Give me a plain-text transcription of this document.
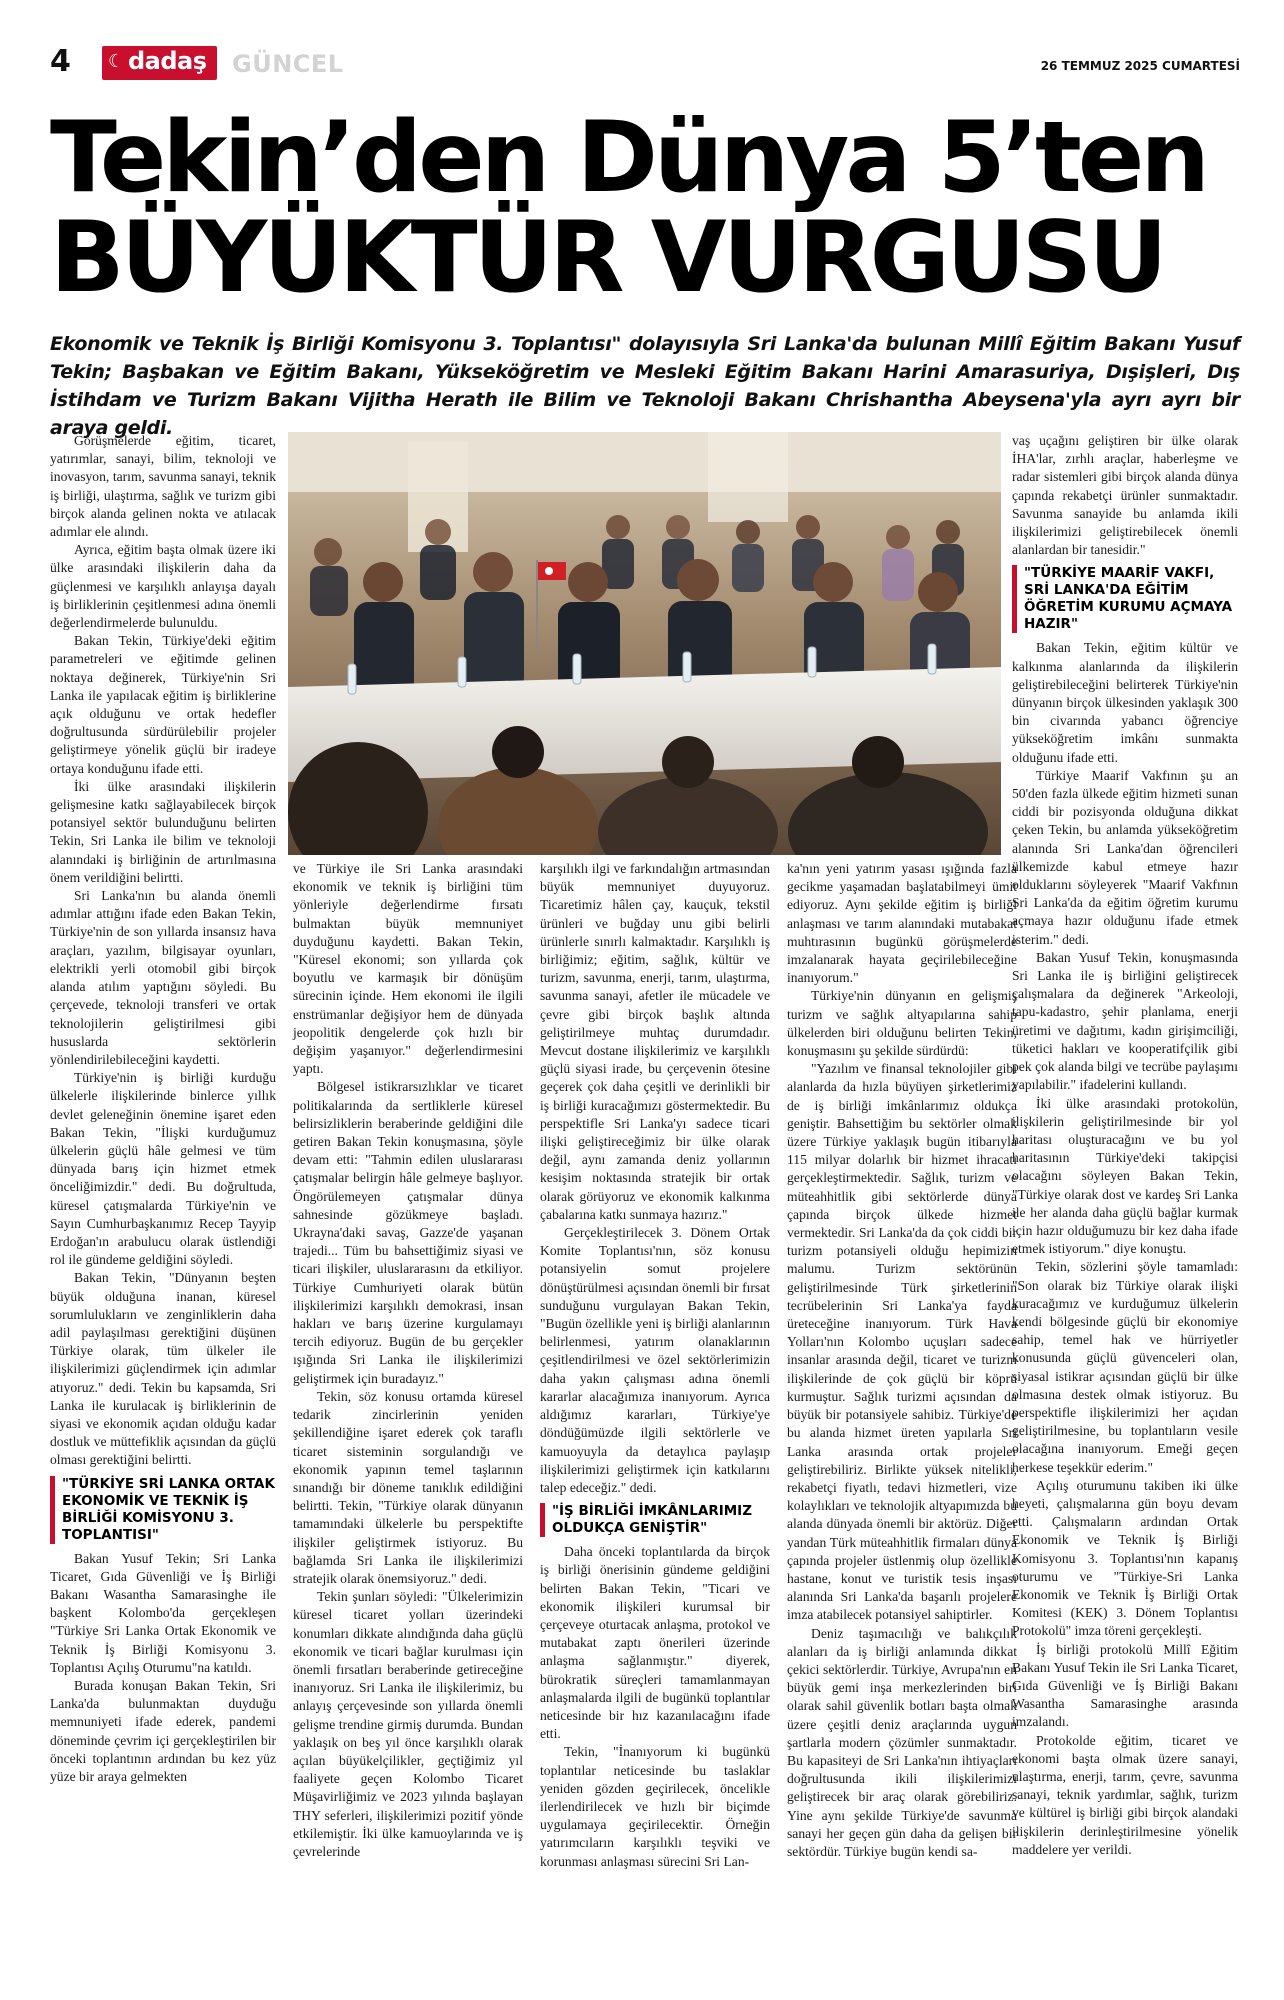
4 ☾ dadaş GÜNCEL	26 TEMMUZ 2025 CUMARTESİ
Tekin’den Dünya 5’ten
BÜYÜKTÜR VURGUSU
Ekonomik ve Teknik İş Birliği Komisyonu 3. Toplantısı" dolayısıyla Sri Lanka'da bulunan Millî Eğitim Bakanı Yusuf Tekin; Başbakan ve Eğitim Bakanı, Yükseköğretim ve Mesleki Eğitim Bakanı Harini Amarasuriya, Dışişleri, Dış İstihdam ve Turizm Bakanı Vijitha Herath ile Bilim ve Teknoloji Bakanı Chrishantha Abeysena'yla ayrı ayrı bir araya geldi.

Görüşmelerde eğitim, ticaret, yatırımlar, sanayi, bilim, teknoloji ve inovasyon, tarım, savunma sanayi, teknik iş birliği, ulaştırma, sağlık ve turizm gibi birçok alanda gelinen nokta ve atılacak adımlar ele alındı.

Ayrıca, eğitim başta olmak üzere iki ülke arasındaki ilişkilerin daha da güçlenmesi ve karşılıklı anlayışa dayalı iş birliklerinin çeşitlenmesi adına önemli değerlendirmelerde bulunuldu.

Bakan Tekin, Türkiye'deki eğitim parametreleri ve eğitimde gelinen noktaya değinerek, Türkiye'nin Sri Lanka ile yapılacak eğitim iş birliklerine açık olduğunu ve ortak hedefler doğrultusunda sürdürülebilir projeler geliştirmeye yönelik güçlü bir iradeye ortaya konduğunu ifade etti.

İki ülke arasındaki ilişkilerin gelişmesine katkı sağlayabilecek birçok potansiyel sektör bulunduğunu belirten Tekin, Sri Lanka ile bilim ve teknoloji alanındaki iş birliğinin de artırılmasına önem verildiğini belirtti.

Sri Lanka'nın bu alanda önemli adımlar attığını ifade eden Bakan Tekin, Türkiye'nin de son yıllarda insansız hava araçları, yazılım, bilgisayar oyunları, elektrikli yerli otomobil gibi birçok alanda atılım yaptığını söyledi. Bu çerçevede, teknoloji transferi ve ortak teknolojilerin geliştirilmesi gibi hususlarda sektörlerin yönlendirilebileceğini kaydetti.

Türkiye'nin iş birliği kurduğu ülkelerle ilişkilerinde binlerce yıllık devlet geleneğinin önemine işaret eden Bakan Tekin, "İlişki kurduğumuz ülkelerin güçlü hâle gelmesi ve tüm dünyada barış için hizmet etmek önceliğimizdir." dedi. Bu doğrultuda, küresel çatışmalarda Türkiye'nin ve Sayın Cumhurbaşkanımız Recep Tayyip Erdoğan'ın arabulucu olarak üstlendiği rol ile gündeme geldiğini söyledi.

Bakan Tekin, "Dünyanın beşten büyük olduğuna inanan, küresel sorumlulukların ve zenginliklerin daha adil paylaşılması gerektiğini düşünen Türkiye olarak, tüm ülkeler ile ilişkilerimizi güçlendirmek için adımlar atıyoruz." dedi. Tekin bu kapsamda, Sri Lanka ile kurulacak iş birliklerinin de siyasi ve ekonomik açıdan olduğu kadar dostluk ve müttefiklik açısından da güçlü olması gerektiğini belirtti.

"TÜRKİYE SRİ LANKA ORTAK EKONOMİK VE TEKNİK İŞ BİRLİĞİ KOMİSYONU 3. TOPLANTISI"

Bakan Yusuf Tekin; Sri Lanka Ticaret, Gıda Güvenliği ve İş Birliği Bakanı Wasantha Samarasinghe ile başkent Kolombo'da gerçekleşen "Türkiye Sri Lanka Ortak Ekonomik ve Teknik İş Birliği Komisyonu 3. Toplantısı Açılış Oturumu"na katıldı.

Burada konuşan Bakan Tekin, Sri Lanka'da bulunmaktan duyduğu memnuniyeti ifade ederek, pandemi döneminde çevrim içi gerçekleştirilen bir önceki toplantının ardından bu kez yüz yüze bir araya gelmekten

ve Türkiye ile Sri Lanka arasındaki ekonomik ve teknik iş birliğini tüm yönleriyle değerlendirme fırsatı bulmaktan büyük memnuniyet duyduğunu kaydetti. Bakan Tekin, "Küresel ekonomi; son yıllarda çok boyutlu ve karmaşık bir dönüşüm sürecinin içinde. Hem ekonomi ile ilgili enstrümanlar değişiyor hem de dünyada jeopolitik dengelerde çok hızlı bir değişim yaşanıyor." değerlendirmesini yaptı.

Bölgesel istikrarsızlıklar ve ticaret politikalarında da sertliklerle küresel belirsizliklerin beraberinde geldiğini dile getiren Bakan Tekin konuşmasına, şöyle devam etti: "Tahmin edilen uluslararası çatışmalar belirgin hâle gelmeye başlıyor. Öngörülemeyen çatışmalar dünya sahnesinde gözükmeye başladı. Ukrayna'daki savaş, Gazze'de yaşanan trajedi... Tüm bu bahsettiğimiz siyasi ve ticari ilişkiler, uluslararasını da etkiliyor. Türkiye Cumhuriyeti olarak bütün ilişkilerimizi karşılıklı demokrasi, insan hakları ve barış üzerine kurgulamayı tercih ediyoruz. Bugün de bu gerçekler ışığında Sri Lanka ile ilişkilerimizi geliştirmek için buradayız."

Tekin, söz konusu ortamda küresel tedarik zincirlerinin yeniden şekillendiğine işaret ederek çok taraflı ticaret sisteminin sorgulandığı ve ekonomik yapının temel taşlarının sınandığı bir döneme tanıklık edildiğini belirtti. Tekin, "Türkiye olarak dünyanın tamamındaki ülkelerle bu perspektifte ilişkiler geliştirmek istiyoruz. Bu bağlamda Sri Lanka ile ilişkilerimizi stratejik olarak önemsiyoruz." dedi.

Tekin şunları söyledi: "Ülkelerimizin küresel ticaret yolları üzerindeki konumları dikkate alındığında daha güçlü ekonomik ve ticari bağlar kurulması için önemli fırsatları beraberinde getireceğine inanıyoruz. Sri Lanka ile ilişkilerimiz, bu anlayış çerçevesinde son yıllarda önemli gelişme trendine girmiş durumda. Bundan yaklaşık on beş yıl önce karşılıklı olarak açılan büyükelçilikler, geçtiğimiz yıl faaliyete geçen Kolombo Ticaret Müşavirliğimiz ve 2023 yılında başlayan THY seferleri, ilişkilerimizi pozitif yönde etkilemiştir. İki ülke kamuoylarında ve iş çevrelerinde

karşılıklı ilgi ve farkındalığın artmasından büyük memnuniyet duyuyoruz. Ticaretimiz hâlen çay, kauçuk, tekstil ürünleri ve buğday unu gibi belirli ürünlerle sınırlı kalmaktadır. Karşılıklı iş birliğimiz; eğitim, sağlık, kültür ve turizm, savunma, enerji, tarım, ulaştırma, savunma sanayi, afetler ile mücadele ve çevre gibi birçok başlık altında geliştirilmeye muhtaç durumdadır. Mevcut dostane ilişkilerimiz ve karşılıklı güçlü siyasi irade, bu çerçevenin ötesine geçerek çok daha çeşitli ve derinlikli bir iş birliği kuracağımızı göstermektedir. Bu perspektifle Sri Lanka'yı sadece ticari ilişki geliştireceğimiz bir ülke olarak değil, aynı zamanda deniz yollarının kesişim noktasında stratejik bir ortak olarak görüyoruz ve ekonomik kalkınma çabalarına katkı sunmaya hazırız."

Gerçekleştirilecek 3. Dönem Ortak Komite Toplantısı'nın, söz konusu potansiyelin somut projelere dönüştürülmesi açısından önemli bir fırsat sunduğunu vurgulayan Bakan Tekin, "Bugün özellikle yeni iş birliği alanlarının belirlenmesi, yatırım olanaklarının çeşitlendirilmesi ve özel sektörlerimizin daha yakın çalışması adına önemli kararlar alacağımıza inanıyorum. Ayrıca aldığımız kararları, Türkiye'ye döndüğümüzde ilgili sektörlerle ve kamuoyuyla da detaylıca paylaşıp ilişkilerimizi geliştirmek için katkılarını talep edeceğiz." dedi.

"İŞ BİRLİĞİ İMKÂNLARIMIZ OLDUKÇA GENİŞTİR"

Daha önceki toplantılarda da birçok iş birliği önerisinin gündeme geldiğini belirten Bakan Tekin, "Ticari ve ekonomik ilişkileri kurumsal bir çerçeveye oturtacak anlaşma, protokol ve mutabakat zaptı önerileri üzerinde anlaşma sağlanmıştır." diyerek, bürokratik süreçleri tamamlanmayan anlaşmalarda ilgili de bugünkü toplantılar neticesinde bir hız kazanılacağını ifade etti.

Tekin, "İnanıyorum ki bugünkü toplantılar neticesinde bu taslaklar yeniden gözden geçirilecek, öncelikle ilerlendirilecek ve hızlı bir biçimde uygulamaya geçirilecektir. Örneğin yatırımcıların karşılıklı teşviki ve korunması anlaşması sürecini Sri Lan-

ka'nın yeni yatırım yasası ışığında fazla gecikme yaşamadan başlatabilmeyi ümit ediyoruz. Aynı şekilde eğitim iş birliği anlaşması ve tarım alanındaki mutabakat muhtırasının bugünkü görüşmelerde imzalanarak hayata geçirilebileceğine inanıyorum."

Türkiye'nin dünyanın en gelişmiş turizm ve sağlık altyapılarına sahip ülkelerden biri olduğunu belirten Tekin, konuşmasını şu şekilde sürdürdü:

"Yazılım ve finansal teknolojiler gibi alanlarda da hızla büyüyen şirketlerimiz de iş birliği imkânlarımız oldukça geniştir. Bahsettiğim bu sektörler olmak üzere Türkiye yaklaşık bugün itibarıyla 115 milyar dolarlık bir hizmet ihracatı gerçekleştirmektedir. Sağlık, turizm ve müteahhitlik gibi sektörlerde dünya çapında birçok ülkede hizmet vermektedir. Sri Lanka'da da çok ciddi bir turizm potansiyeli olduğu hepimizin malumu. Turizm sektörünün geliştirilmesinde Türk şirketlerinin tecrübelerinin Sri Lanka'ya fayda üreteceğine inanıyorum. Türk Hava Yolları'nın Kolombo uçuşları sadece insanlar arasında değil, ticaret ve turizm ilişkilerinde de çok güçlü bir köprü kurmuştur. Sağlık turizmi açısından da büyük bir potansiyele sahibiz. Türkiye'de bu alanda hizmet üreten yapılarla Sri Lanka arasında ortak projeler geliştirebiliriz. Birlikte yüksek nitelikli, rekabetçi fiyatlı, tedavi hizmetleri, vize kolaylıkları ve teknolojik altyapımızda bu alanda dünyada önemli bir aktörüz. Diğer yandan Türk müteahhitlik firmaları dünya çapında projeler üstlenmiş olup özellikle hastane, konut ve turistik tesis inşası alanında Sri Lanka'da başarılı projelere imza atabilecek potansiyel sahiptirler.

Deniz taşımacılığı ve balıkçılık alanları da iş birliği anlamında dikkat çekici sektörlerdir. Türkiye, Avrupa'nın en büyük gemi inşa merkezlerinden biri olarak sahil güvenlik botları başta olmak üzere çeşitli deniz araçlarında uygun şartlarla modern çözümler sunmaktadır. Bu kapasiteyi de Sri Lanka'nın ihtiyaçları doğrultusunda ikili ilişkilerimizi geliştirecek bir araç olarak görebiliriz. Yine aynı şekilde Türkiye'de savunma sanayi her geçen gün daha da gelişen bir sektördür. Türkiye bugün kendi sa-

vaş uçağını geliştiren bir ülke olarak İHA'lar, zırhlı araçlar, haberleşme ve radar sistemleri gibi birçok alanda dünya çapında rekabetçi ürünler sunmaktadır. Savunma sanayide bu anlamda ikili ilişkilerimizi geliştirebilecek önemli alanlardan bir tanesidir."

"TÜRKİYE MAARİF VAKFI, SRİ LANKA'DA EĞİTİM ÖĞRETİM KURUMU AÇMAYA HAZIR"

Bakan Tekin, eğitim kültür ve kalkınma alanlarında da ilişkilerin geliştirebileceğini belirterek Türkiye'nin dünyanın birçok ülkesinden yaklaşık 300 bin civarında yabancı öğrenciye yükseköğretim imkânı sunmakta olduğunu ifade etti.

Türkiye Maarif Vakfının şu an 50'den fazla ülkede eğitim hizmeti sunan ciddi bir pozisyonda olduğuna dikkat çeken Tekin, bu anlamda yükseköğretim alanında Sri Lanka'dan öğrencileri ülkemizde kabul etmeye hazır olduklarını söyleyerek "Maarif Vakfının Sri Lanka'da da eğitim öğretim kurumu açmaya hazır olduğunu ifade etmek isterim." dedi.

Bakan Yusuf Tekin, konuşmasında Sri Lanka ile iş birliğini geliştirecek çalışmalara da değinerek "Arkeoloji, tapu-kadastro, şehir planlama, enerji üretimi ve dağıtımı, kadın girişimciliği, tüketici hakları ve kooperatifçilik gibi pek çok alanda bilgi ve tecrübe paylaşımı yapılabilir." ifadelerini kullandı.

İki ülke arasındaki protokolün, ilişkilerin geliştirilmesinde bir yol haritası oluşturacağını ve bu yol haritasının Türkiye'deki takipçisi olacağını söyleyen Bakan Tekin, "Türkiye olarak dost ve kardeş Sri Lanka ile her alanda daha güçlü bağlar kurmak için hazır olduğumuzu bir kez daha ifade etmek istiyorum." diye konuştu.

Tekin, sözlerini şöyle tamamladı: "Son olarak biz Türkiye olarak ilişki kuracağımız ve kurduğumuz ülkelerin kendi bölgesinde güçlü bir ekonomiye sahip, temel hak ve hürriyetler konusunda güçlü güvenceleri olan, siyasal istikrar açısından güçlü bir ülke olmasına destek olmak istiyoruz. Bu perspektifle ilişkilerimizi her açıdan geliştirilmesine, bu toplantıların vesile olacağına inanıyorum. Emeği geçen herkese teşekkür ederim."

Açılış oturumunu takiben iki ülke heyeti, çalışmalarına gün boyu devam etti. Çalışmaların ardından Ortak Ekonomik ve Teknik İş Birliği Komisyonu 3. Toplantısı'nın kapanış oturumu ve "Türkiye-Sri Lanka Ekonomik ve Teknik İş Birliği Ortak Komitesi (KEK) 3. Dönem Toplantısı Protokolü" imza töreni gerçekleşti.

İş birliği protokolü Millî Eğitim Bakanı Yusuf Tekin ile Sri Lanka Ticaret, Gıda Güvenliği ve İş Birliği Bakanı Wasantha Samarasinghe arasında imzalandı.

Protokolde eğitim, ticaret ve ekonomi başta olmak üzere sanayi, ulaştırma, enerji, tarım, çevre, savunma sanayi, teknik yardımlar, sağlık, turizm ve kültürel iş birliği gibi birçok alandaki ilişkilerin derinleştirilmesine yönelik maddelere yer verildi.
